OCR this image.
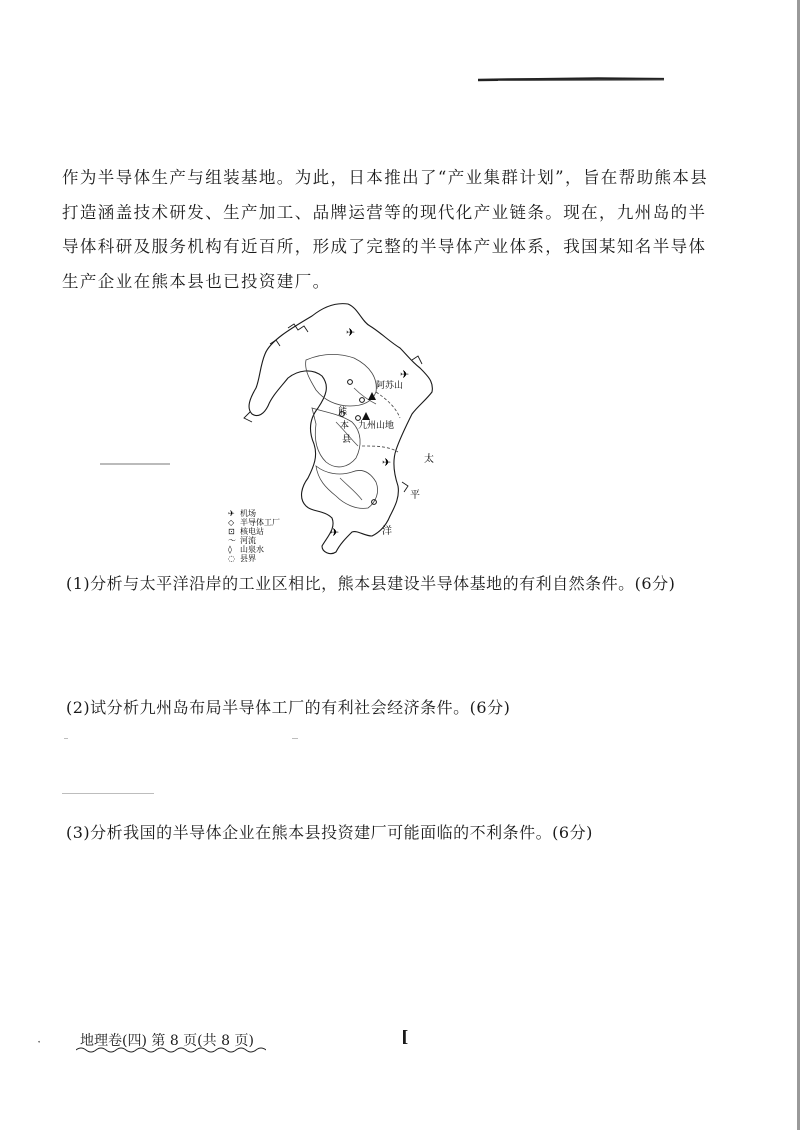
作为半导体生产与组装基地。为此，日本推出了“产业集群计划”，旨在帮助熊本县

打造涵盖技术研发、生产加工、品牌运营等的现代化产业链条。现在，九州岛的半

导体科研及服务机构有近百所，形成了完整的半导体产业体系，我国某知名半导体

生产企业在熊本县也已投资建厂。

✈
✈
✈
✈
阿苏山
九州山地
熊
本
县
太
平
洋
✈ 机场
◇ 半导体工厂
⊡ 核电站
〜 河流
◊ 山泉水
◌ 县界
(1)分析与太平洋沿岸的工业区相比，熊本县建设半导体基地的有利自然条件。(6分)
(2)试分析九州岛布局半导体工厂的有利社会经济条件。(6分)
(3)分析我国的半导体企业在熊本县投资建厂可能面临的不利条件。(6分)
地理卷(四) 第 8 页(共 8 页)	[
